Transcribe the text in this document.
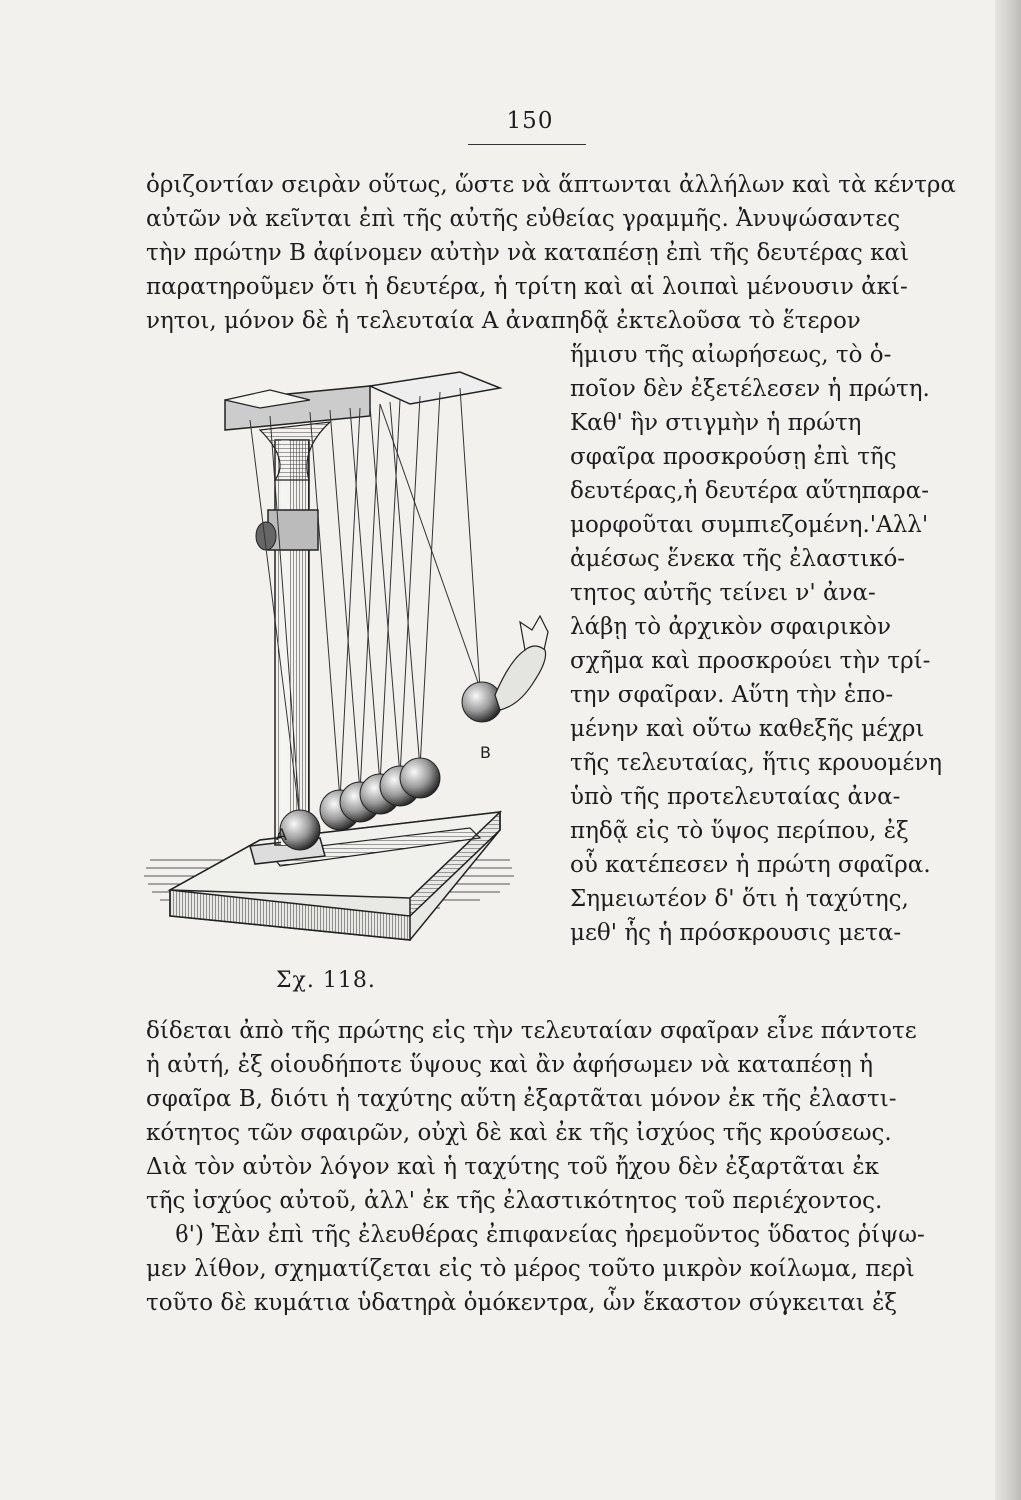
150
ὁριζοντίαν σειρὰν οὕτως, ὥστε νὰ ἅπτωνται ἀλλήλων καὶ τὰ κέντρα
αὐτῶν νὰ κεῖνται ἐπὶ τῆς αὐτῆς εὐθείας γραμμῆς. Ἀνυψώσαντες
τὴν πρώτην B ἀφίνομεν αὐτὴν νὰ καταπέσῃ ἐπὶ τῆς δευτέρας καὶ
παρατηροῦμεν ὅτι ἡ δευτέρα, ἡ τρίτη καὶ αἱ λοιπαὶ μένουσιν ἀκί-
νητοι, μόνον δὲ ἡ τελευταία A ἀναπηδᾷ ἐκτελοῦσα τὸ ἕτερον
ἥμισυ τῆς αἰωρήσεως, τὸ ὁ-
ποῖον δὲν ἐξετέλεσεν ἡ πρώτη.
Καθ' ἣν στιγμὴν ἡ πρώτη
σφαῖρα προσκρούσῃ ἐπὶ τῆς
δευτέρας,ἡ δευτέρα αὕτηπαρα-
μορφοῦται συμπιεζομένη.'Αλλ'
ἀμέσως ἕνεκα τῆς ἐλαστικό-
τητος αὐτῆς τείνει ν' ἀνα-
λάβῃ τὸ ἀρχικὸν σφαιρικὸν
σχῆμα καὶ προσκρούει τὴν τρί-
την σφαῖραν. Αὕτη τὴν ἑπο-
μένην καὶ οὕτω καθεξῆς μέχρι
τῆς τελευταίας, ἥτις κρουομένη
ὑπὸ τῆς προτελευταίας ἀνα-
πηδᾷ εἰς τὸ ὕψος περίπου, ἐξ
οὗ κατέπεσεν ἡ πρώτη σφαῖρα.
Σημειωτέον δ' ὅτι ἡ ταχύτης,
μεθ' ἧς ἡ πρόσκρουσις μετα-
δίδεται ἀπὸ τῆς πρώτης εἰς τὴν τελευταίαν σφαῖραν εἶνε πάντοτε
ἡ αὐτή, ἐξ οἱουδήποτε ὕψους καὶ ἂν ἀφήσωμεν νὰ καταπέσῃ ἡ
σφαῖρα B, διότι ἡ ταχύτης αὕτη ἐξαρτᾶται μόνον ἐκ τῆς ἐλαστι-
κότητος τῶν σφαιρῶν, οὐχὶ δὲ καὶ ἐκ τῆς ἰσχύος τῆς κρούσεως.
Διὰ τὸν αὐτὸν λόγον καὶ ἡ ταχύτης τοῦ ἤχου δὲν ἐξαρτᾶται ἐκ
τῆς ἰσχύος αὐτοῦ, ἀλλ' ἐκ τῆς ἐλαστικότητος τοῦ περιέχοντος.
ϐ') Ἐὰν ἐπὶ τῆς ἐλευθέρας ἐπιφανείας ἠρεμοῦντος ὕδατος ῥίψω-
μεν λίθον, σχηματίζεται εἰς τὸ μέρος τοῦτο μικρὸν κοίλωμα, περὶ
τοῦτο δὲ κυμάτια ὑδατηρὰ ὁμόκεντρα, ὧν ἕκαστον σύγκειται ἐξ
B
A
Σχ. 118.
